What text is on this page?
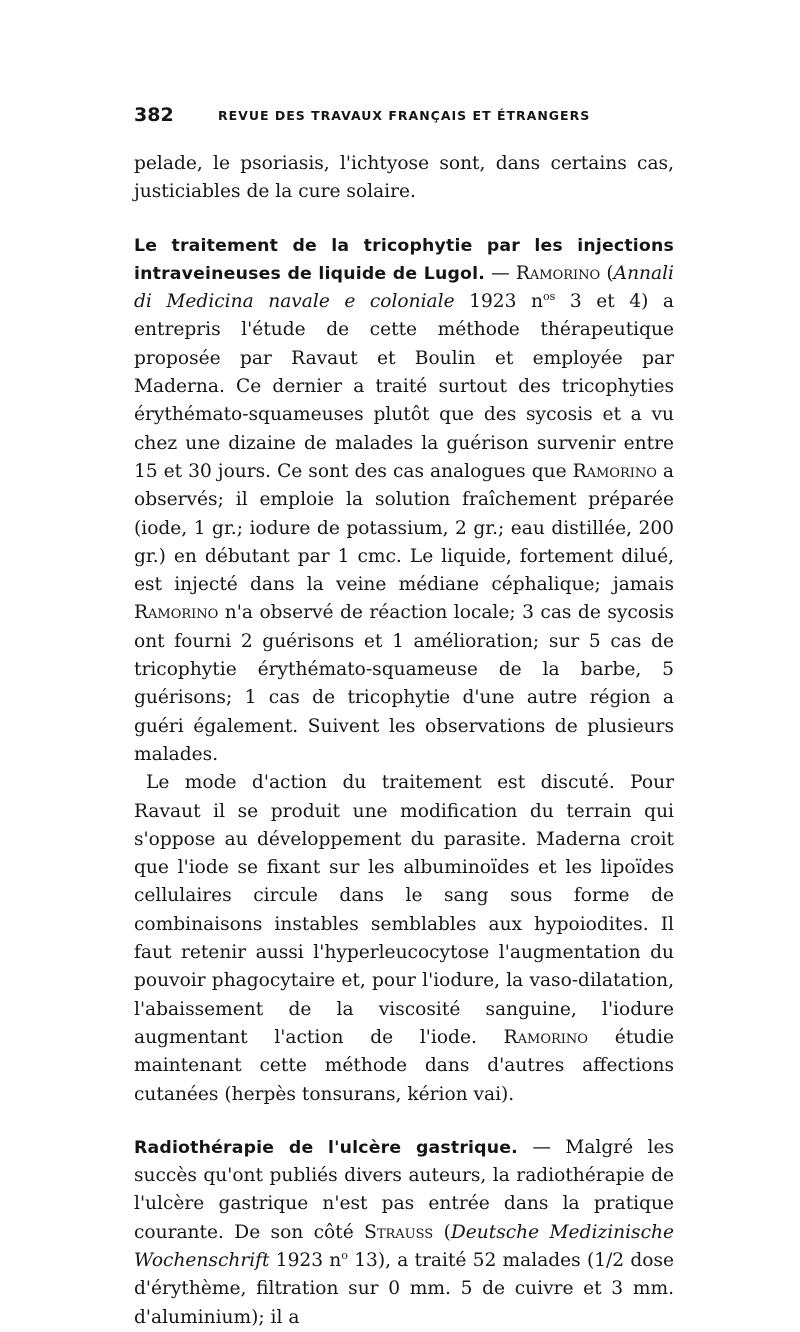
382	REVUE DES TRAVAUX FRANÇAIS ET ÉTRANGERS

pelade, le psoriasis, l'ichtyose sont, dans certains cas, justiciables de la cure solaire.

Le traitement de la tricophytie par les injections intraveineuses de liquide de Lugol. — Ramorino (Annali di Medicina navale e coloniale 1923 $n^{os}$ 3 et 4) a entrepris l'étude de cette méthode thérapeutique proposée par Ravaut et Boulin et employée par Maderna. Ce dernier a traité surtout des tricophyties érythémato-squameuses plutôt que des sycosis et a vu chez une dizaine de malades la guérison survenir entre 15 et 30 jours. Ce sont des cas analogues que Ramorino a observés; il emploie la solution fraîchement préparée (iode, 1 gr.; iodure de potassium, 2 gr.; eau distillée, 200 gr.) en débutant par 1 cmc. Le liquide, fortement dilué, est injecté dans la veine médiane céphalique; jamais Ramorino n'a observé de réaction locale; 3 cas de sycosis ont fourni 2 guérisons et 1 amélioration; sur 5 cas de tricophytie érythémato-squameuse de la barbe, 5 guérisons; 1 cas de tricophytie d'une autre région a guéri également. Suivent les observations de plusieurs malades.

Le mode d'action du traitement est discuté. Pour Ravaut il se produit une modification du terrain qui s'oppose au développement du parasite. Maderna croit que l'iode se fixant sur les albuminoïdes et les lipoïdes cellulaires circule dans le sang sous forme de combinaisons instables semblables aux hypoiodites. Il faut retenir aussi l'hyperleucocytose l'augmentation du pouvoir phagocytaire et, pour l'iodure, la vaso-dilatation, l'abaissement de la viscosité sanguine, l'iodure augmentant l'action de l'iode. Ramorino étudie maintenant cette méthode dans d'autres affections cutanées (herpès tonsurans, kérion vai).

Radiothérapie de l'ulcère gastrique. — Malgré les succès qu'ont publiés divers auteurs, la radiothérapie de l'ulcère gastrique n'est pas entrée dans la pratique courante. De son côté Strauss (Deutsche Medizinische Wochenschrift 1923 $n^o$ 13), a traité 52 malades (1/2 dose d'érythème, filtration sur 0 mm. 5 de cuivre et 3 mm. d'aluminium); il a
